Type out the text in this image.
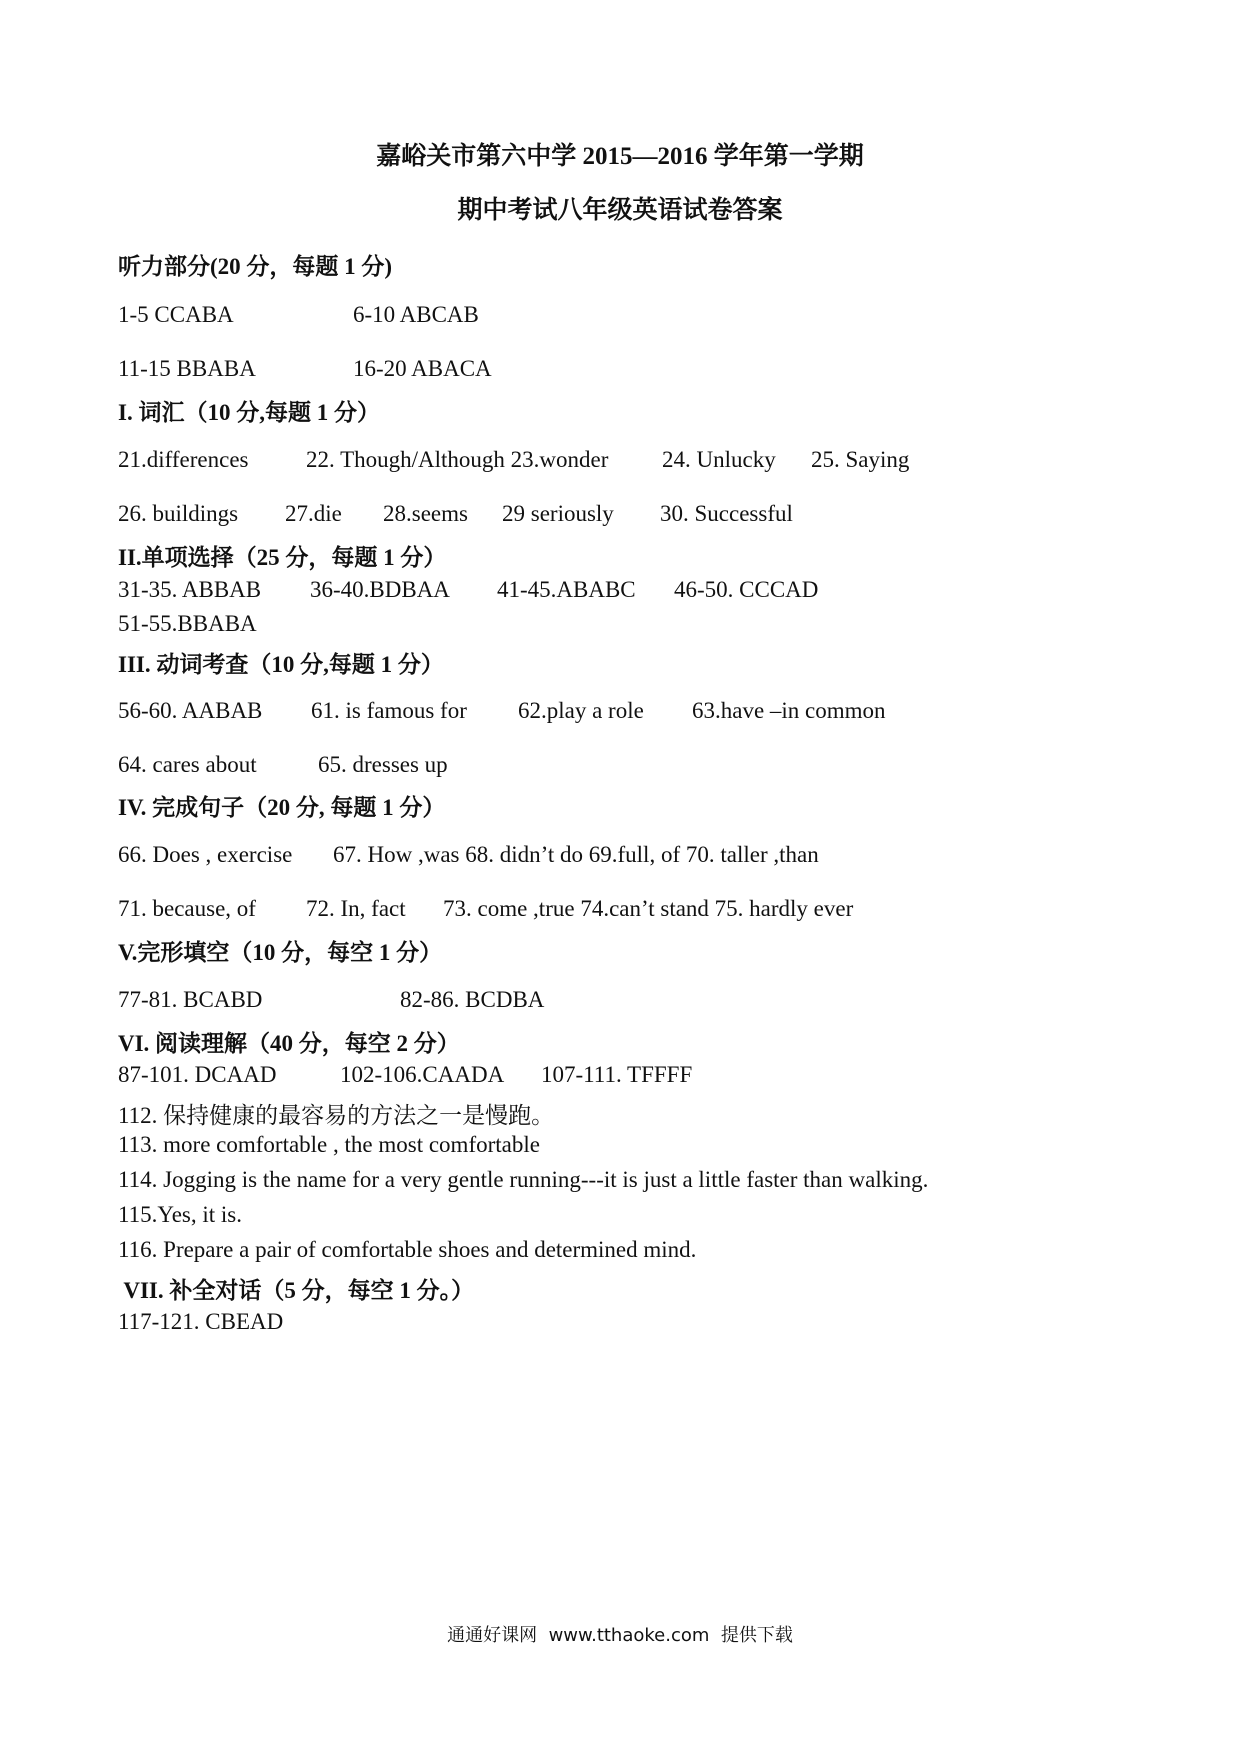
嘉峪关市第六中学 2015—2016 学年第一学期
期中考试八年级英语试卷答案
听力部分(20 分，每题 1 分)
1-5 CCABA	6-10 ABCAB
11-15 BBABA	16-20 ABACA
I. 词汇（10 分,每题 1 分）
21.differences	22. Though/Although 23.wonder 24. Unlucky 25. Saying
26. buildings 27.die 28.seems 29 seriously 30. Successful
II.单项选择（25 分，每题 1 分）
31-35. ABBAB 36-40.BDBAA 41-45.ABABC 46-50. CCCAD
51-55.BBABA
III. 动词考查（10 分,每题 1 分）
56-60. AABAB 61. is famous for 62.play a role 63.have –in common
64. cares about	65. dresses up
IV. 完成句子（20 分, 每题 1 分）
66. Does , exercise 67. How ,was 68. didn’t do 69.full, of 70. taller ,than
71. because, of 72. In, fact 73. come ,true 74.can’t stand 75. hardly ever
V.完形填空（10 分，每空 1 分）
77-81. BCABD	82-86. BCDBA
VI. 阅读理解（40 分，每空 2 分）
87-101. DCAAD	102-106.CAADA 107-111. TFFFF
112. 保持健康的最容易的方法之一是慢跑。
113. more comfortable , the most comfortable
114. Jogging is the name for a very gentle running---it is just a little faster than walking.
115.Yes, it is.
116. Prepare a pair of comfortable shoes and determined mind.
VII. 补全对话（5 分，每空 1 分。）
117-121. CBEAD
通通好课网  www.tthaoke.com  提供下载
